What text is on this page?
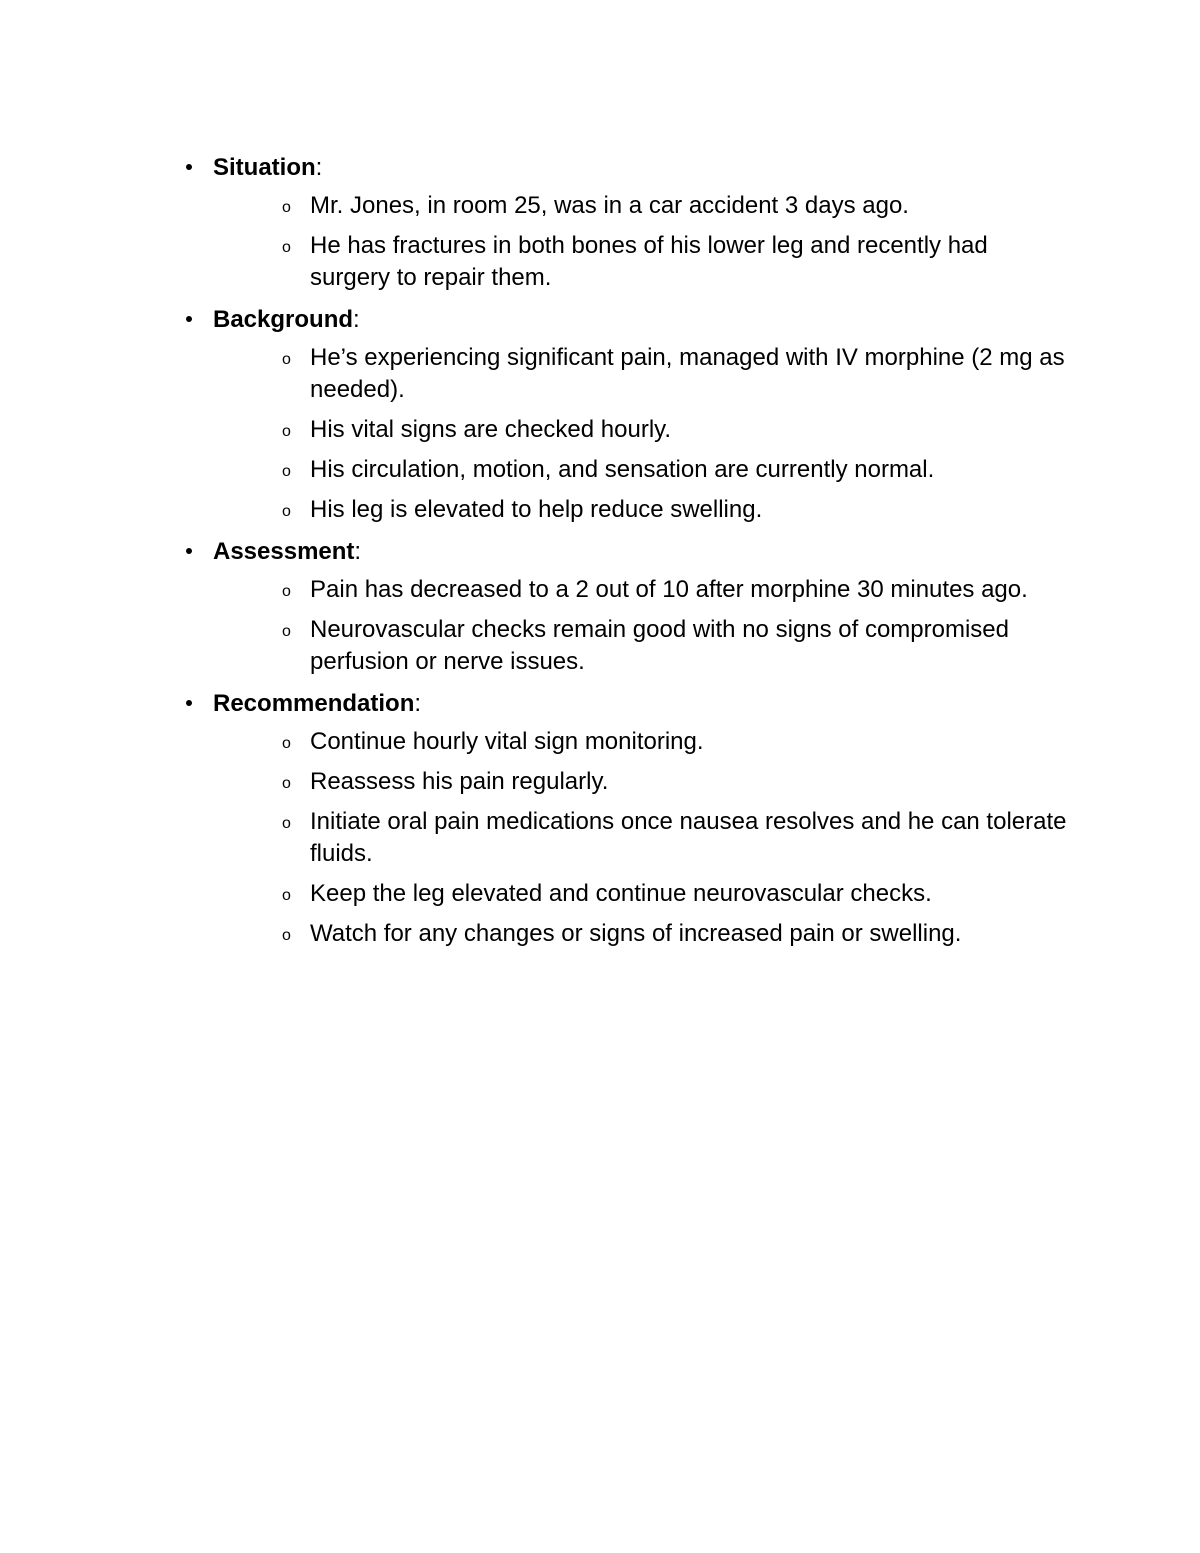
Situation:
o Mr. Jones, in room 25, was in a car accident 3 days ago.
o He has fractures in both bones of his lower leg and recently had surgery to repair them.
Background:
o He’s experiencing significant pain, managed with IV morphine (2 mg as needed).
o His vital signs are checked hourly.
o His circulation, motion, and sensation are currently normal.
o His leg is elevated to help reduce swelling.
Assessment:
o Pain has decreased to a 2 out of 10 after morphine 30 minutes ago.
o Neurovascular checks remain good with no signs of compromised perfusion or nerve issues.
Recommendation:
o Continue hourly vital sign monitoring.
o Reassess his pain regularly.
o Initiate oral pain medications once nausea resolves and he can tolerate fluids.
o Keep the leg elevated and continue neurovascular checks.
o Watch for any changes or signs of increased pain or swelling.
